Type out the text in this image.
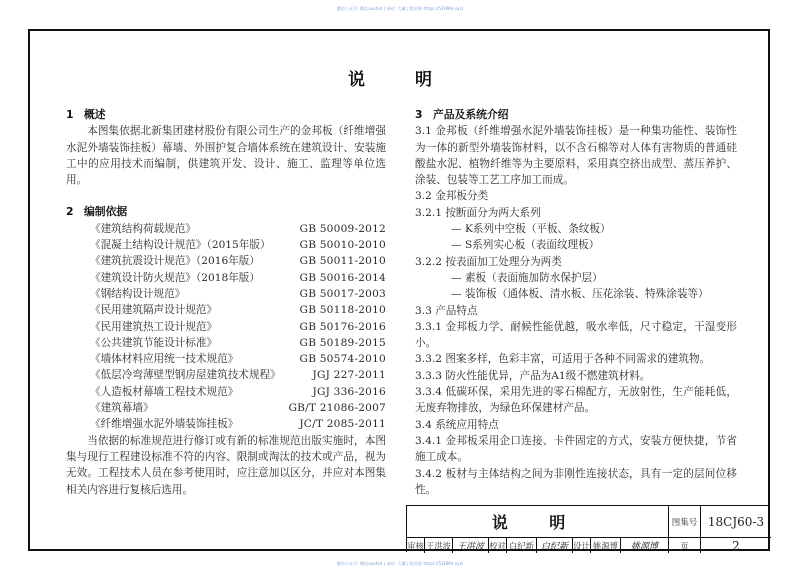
微信公众号: 微信uusfxd | 网站: 大藏工程资源 https://52HMA.xyz/
说 明
1 概述
本图集依据北新集团建材股份有限公司生产的金邦板（纤维增强水泥外墙装饰挂板）幕墙、外围护复合墙体系统在建筑设计、安装施工中的应用技术而编制，供建筑开发、设计、施工、监理等单位选用。
2 编制依据
《建筑结构荷载规范》	GB 50009-2012
《混凝土结构设计规范》（2015年版）	GB 50010-2010
《建筑抗震设计规范》（2016年版）	GB 50011-2010
《建筑设计防火规范》（2018年版）	GB 50016-2014
《钢结构设计规范》	GB 50017-2003
《民用建筑隔声设计规范》	GB 50118-2010
《民用建筑热工设计规范》	GB 50176-2016
《公共建筑节能设计标准》	GB 50189-2015
《墙体材料应用统一技术规范》	GB 50574-2010
《低层冷弯薄壁型钢房屋建筑技术规程》	JGJ 227-2011
《人造板材幕墙工程技术规范》	JGJ 336-2016
《建筑幕墙》	GB/T 21086-2007
《纤维增强水泥外墙装饰挂板》	JC/T 2085-2011
当依据的标准规范进行修订或有新的标准规范出版实施时，本图集与现行工程建设标准不符的内容、限制或淘汰的技术或产品，视为无效。工程技术人员在参考使用时，应注意加以区分，并应对本图集相关内容进行复核后选用。
3 产品及系统介绍
3.1 金邦板（纤维增强水泥外墙装饰挂板）是一种集功能性、装饰性为一体的新型外墙装饰材料，以不含石棉等对人体有害物质的普通硅酸盐水泥、植物纤维等为主要原料，采用真空挤出成型、蒸压养护、涂装、包装等工艺工序加工而成。
3.2 金邦板分类
3.2.1 按断面分为两大系列
— K系列中空板（平板、条纹板）
— S系列实心板（表面纹理板）
3.2.2 按表面加工处理分为两类
— 素板（表面施加防水保护层）
— 装饰板（通体板、清水板、压花涂装、特殊涂装等）
3.3 产品特点
3.3.1 金邦板力学、耐候性能优越，吸水率低，尺寸稳定，干湿变形小。
3.3.2 图案多样，色彩丰富，可适用于各种不同需求的建筑物。
3.3.3 防火性能优异，产品为A1级不燃建筑材料。
3.3.4 低碳环保，采用先进的零石棉配方，无放射性，生产能耗低，无废弃物排放，为绿色环保建材产品。
3.4 系统应用特点
3.4.1 金邦板采用企口连接、卡件固定的方式，安装方便快捷，节省施工成本。
3.4.2 板材与主体结构之间为非刚性连接状态，具有一定的层间位移性。
说 明	图集号 18CJ60-3
审核 王洪波 王洪波 校对 白纪新 白纪新 设计 姚源博	姚源博	页	2
微信公众号: 微信uusfxd | 网站: 大藏工程资源 https://52HMA.xyz/
